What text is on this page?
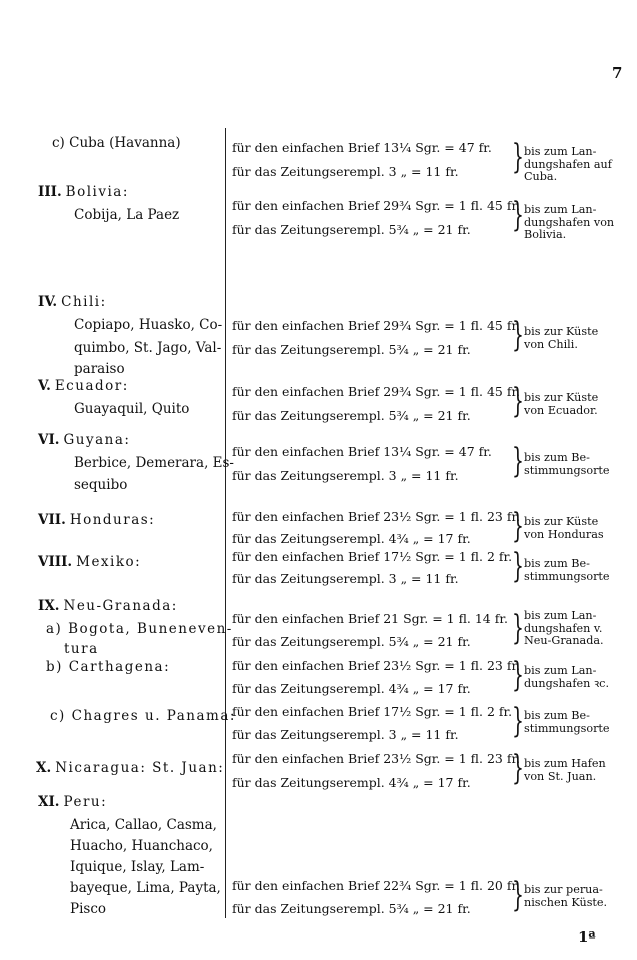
7
c) Cuba (Havanna)
III. Bolivia:
Cobija, La Paez
IV. Chili:
Copiapo, Huasko, Co-
quimbo, St. Jago, Val-
paraiso
V. Ecuador:
Guayaquil, Quito
VI. Guyana:
Berbice, Demerara, Es-
sequibo
VII. Honduras:
VIII. Mexiko:
IX. Neu-Granada:
a) Bogota, Buneneven-
tura
b) Carthagena:
c) Chagres u. Panama:
X. Nicaragua: St. Juan:
XI. Peru:
Arica, Callao, Casma,
Huacho, Huanchaco,
Iquique, Islay, Lam-
bayeque, Lima, Payta,
Pisco
für den einfachen Brief 13¼ Sgr. = 47 fr.
für das Zeitungserempl. 3 „ = 11 fr. } bis zum Lan-
dungshafen auf
Cuba.
für den einfachen Brief 29¾ Sgr. = 1 fl. 45 fr.
für das Zeitungserempl. 5¾ „ = 21 fr. } bis zum Lan-
dungshafen von
Bolivia.
für den einfachen Brief 29¾ Sgr. = 1 fl. 45 fr.
für das Zeitungserempl. 5¾ „ = 21 fr. } bis zur Küste
von Chili.
für den einfachen Brief 29¾ Sgr. = 1 fl. 45 fr.
für das Zeitungserempl. 5¾ „ = 21 fr. } bis zur Küste
von Ecuador.
für den einfachen Brief 13¼ Sgr. = 47 fr.
für das Zeitungserempl. 3 „ = 11 fr. } bis zum Be-
stimmungsorte
für den einfachen Brief 23½ Sgr. = 1 fl. 23 fr.
für das Zeitungserempl. 4¾ „ = 17 fr. } bis zur Küste
von Honduras
für den einfachen Brief 17½ Sgr. = 1 fl. 2 fr.
für das Zeitungserempl. 3 „ = 11 fr. } bis zum Be-
stimmungsorte
für den einfachen Brief 21 Sgr. = 1 fl. 14 fr.
für das Zeitungserempl. 5¾ „ = 21 fr. } bis zum Lan-
dungshafen v.
Neu-Granada.
für den einfachen Brief 23½ Sgr. = 1 fl. 23 fr.
für das Zeitungserempl. 4¾ „ = 17 fr. } bis zum Lan-
dungshafen ꝛc.
für den einfachen Brief 17½ Sgr. = 1 fl. 2 fr.
für das Zeitungserempl. 3 „ = 11 fr. } bis zum Be-
stimmungsorte
für den einfachen Brief 23½ Sgr. = 1 fl. 23 fr.
für das Zeitungserempl. 4¾ „ = 17 fr. } bis zum Hafen
von St. Juan.
für den einfachen Brief 22¾ Sgr. = 1 fl. 20 fr.
für das Zeitungserempl. 5¾ „ = 21 fr. } bis zur perua-
nischen Küste.
1ª
